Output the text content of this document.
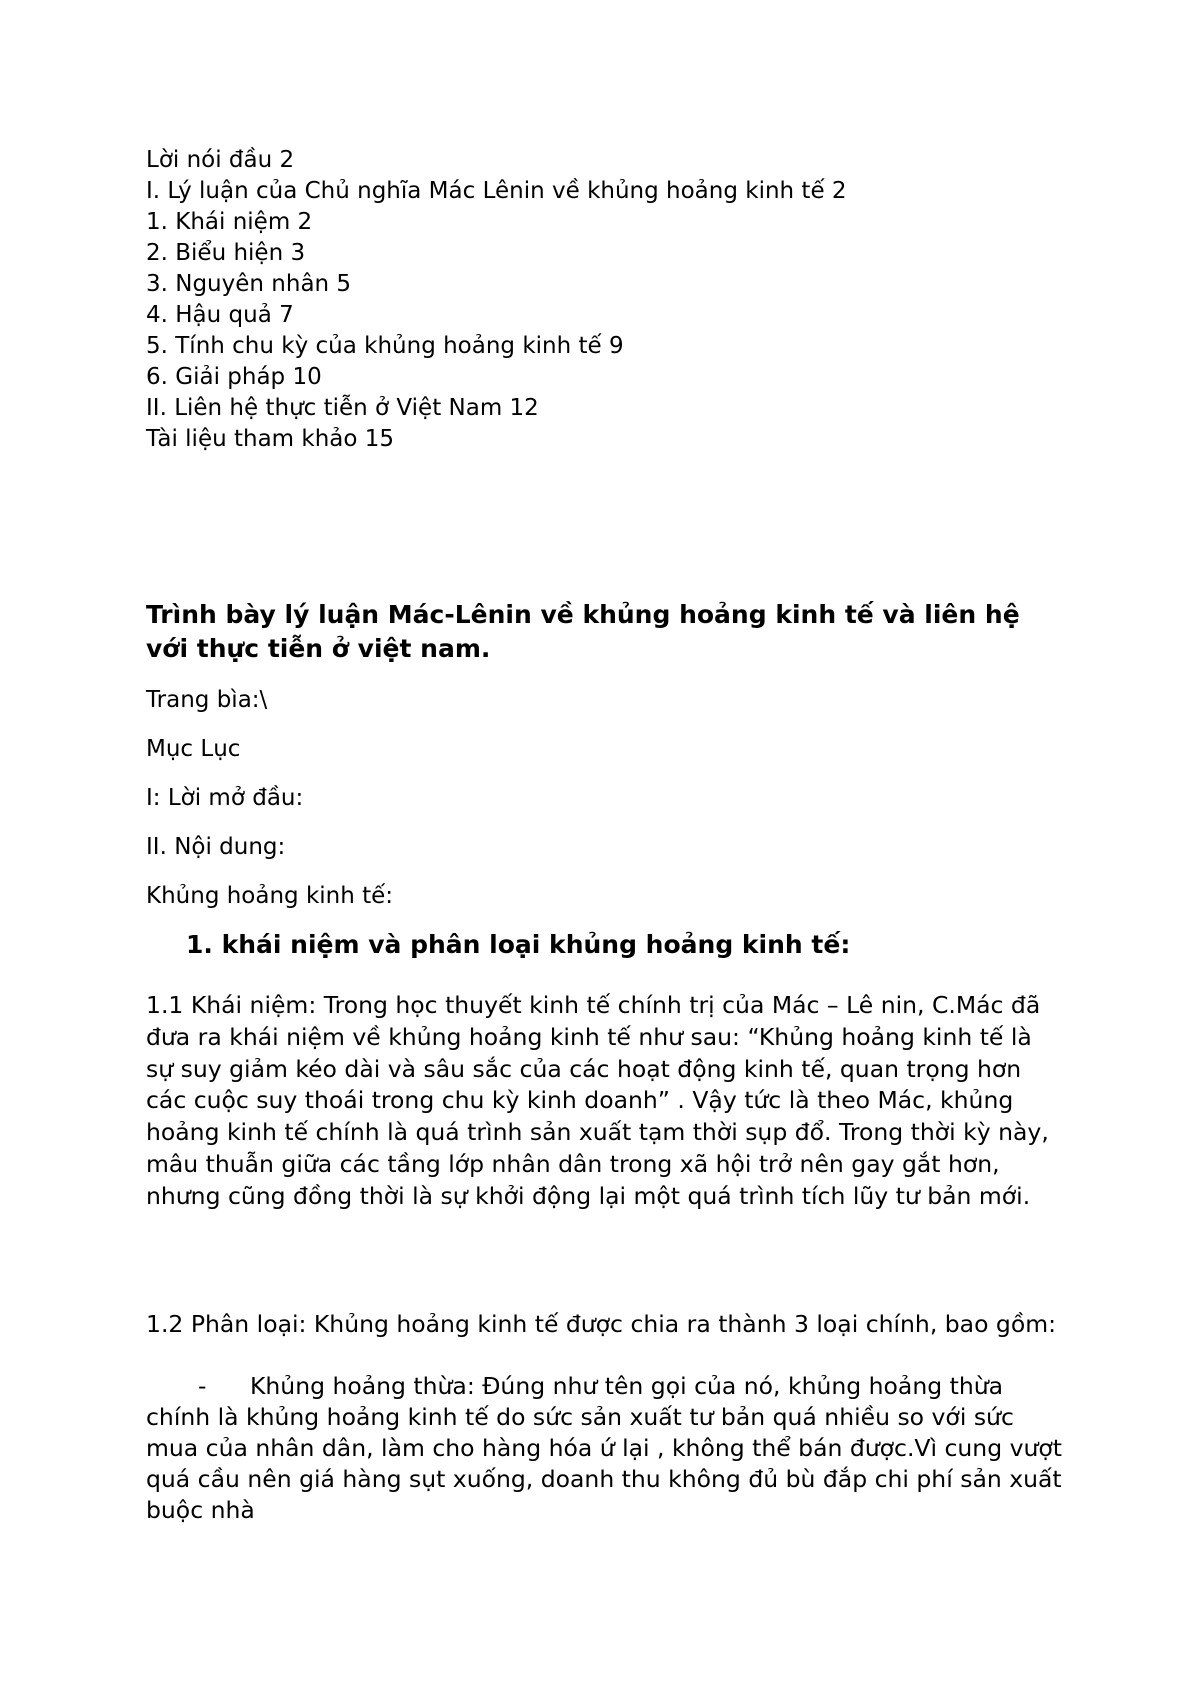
Lời nói đầu 2
I. Lý luận của Chủ nghĩa Mác Lênin về khủng hoảng kinh tế 2
1. Khái niệm 2
2. Biểu hiện 3
3. Nguyên nhân 5
4. Hậu quả 7
5. Tính chu kỳ của khủng hoảng kinh tế 9
6. Giải pháp 10
II. Liên hệ thực tiễn ở Việt Nam 12
Tài liệu tham khảo 15
Trình bày lý luận Mác-Lênin về khủng hoảng kinh tế và liên hệ với thực tiễn ở việt nam.
Trang bìa:\
Mục Lục
I: Lời mở đầu:
II. Nội dung:
Khủng hoảng kinh tế:
1. khái niệm và phân loại khủng hoảng kinh tế:
1.1 Khái niệm: Trong học thuyết kinh tế chính trị của Mác – Lê nin, C.Mác đã đưa ra khái niệm về khủng hoảng kinh tế như sau: “Khủng hoảng kinh tế là sự suy giảm kéo dài và sâu sắc của các hoạt động kinh tế, quan trọng hơn các cuộc suy thoái trong chu kỳ kinh doanh” . Vậy tức là theo Mác, khủng hoảng kinh tế chính là quá trình sản xuất tạm thời sụp đổ. Trong thời kỳ này, mâu thuẫn giữa các tầng lớp nhân dân trong xã hội trở nên gay gắt hơn, nhưng cũng đồng thời là sự khởi động lại một quá trình tích lũy tư bản mới.
1.2 Phân loại: Khủng hoảng kinh tế được chia ra thành 3 loại chính, bao gồm:
- Khủng hoảng thừa: Đúng như tên gọi của nó, khủng hoảng thừa chính là khủng hoảng kinh tế do sức sản xuất tư bản quá nhiều so với sức mua của nhân dân, làm cho hàng hóa ứ lại , không thể bán được.Vì cung vượt quá cầu nên giá hàng sụt xuống, doanh thu không đủ bù đắp chi phí sản xuất buộc nhà
